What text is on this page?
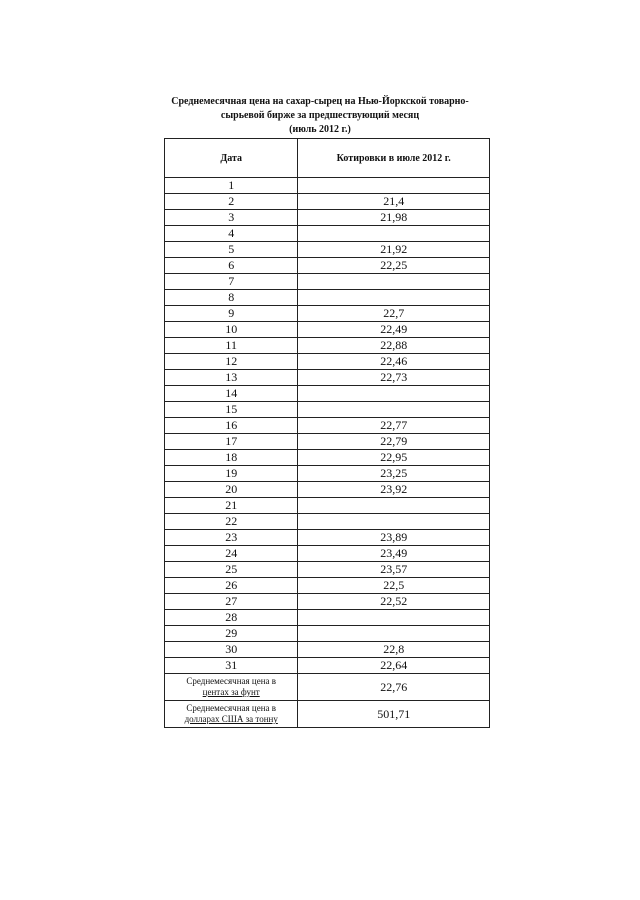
Среднемесячная цена на сахар-сырец на Нью-Йоркской товарно-
сырьевой бирже за предшествующий месяц
(июль 2012 г.)
Дата	Котировки в июле 2012 г.
1	
2	21,4
3	21,98
4	
5	21,92
6	22,25
7	
8	
9	22,7
10	22,49
11	22,88
12	22,46
13	22,73
14	
15	
16	22,77
17	22,79
18	22,95
19	23,25
20	23,92
21	
22	
23	23,89
24	23,49
25	23,57
26	22,5
27	22,52
28	
29	
30	22,8
31	22,64

Среднемесячная цена в
центах за фунт	22,76

Среднемесячная цена в
долларах США за тонну	501,71
